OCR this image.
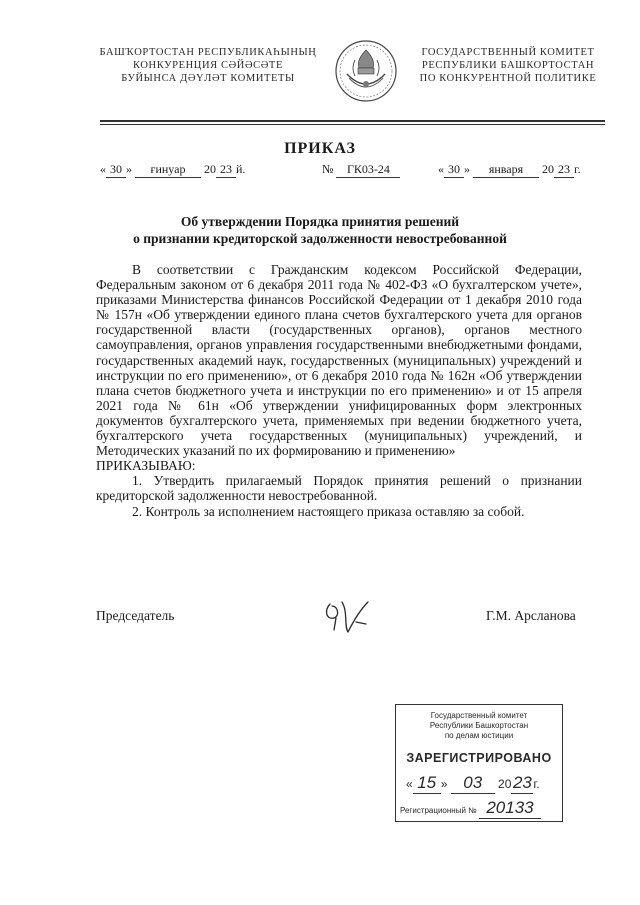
БАШҠОРТОСТАН РЕСПУБЛИКАҺЫНЫҢ
КОНКУРЕНЦИЯ СӘЙӘСӘТЕ
БУЙЫНСА ДӘҮЛӘТ КОМИТЕТЫ
ГОСУДАРСТВЕННЫЙ КОМИТЕТ
РЕСПУБЛИКИ БАШКОРТОСТАН
ПО КОНКУРЕНТНОЙ ПОЛИТИКЕ
ПРИКАЗ
« 30 » ғинуар 20 23 й.	№ ГК03-24	« 30 » января 20 23 г.
Об утверждении Порядка принятия решений
о признании кредиторской задолженности невостребованной

В соответствии с Гражданским кодексом Российской Федерации, Федеральным законом от 6 декабря 2011 года № 402-ФЗ «О бухгалтерском учете», приказами Министерства финансов Российской Федерации от 1 декабря 2010 года № 157н «Об утверждении единого плана счетов бухгалтерского учета для органов государственной власти (государственных органов), органов местного самоуправления, органов управления государственными внебюджетными фондами, государственных академий наук, государственных (муниципальных) учреждений и инструкции по его применению», от 6 декабря 2010 года № 162н «Об утверждении плана счетов бюджетного учета и инструкции по его применению» и от 15 апреля 2021 года № 61н «Об утверждении унифицированных форм электронных документов бухгалтерского учета, применяемых при ведении бюджетного учета, бухгалтерского учета государственных (муниципальных) учреждений, и Методических указаний по их формированию и применению»

ПРИКАЗЫВАЮ:

1. Утвердить прилагаемый Порядок принятия решений о признании кредиторской задолженности невостребованной.

2. Контроль за исполнением настоящего приказа оставляю за собой.

Председатель	Г.М. Арсланова
Государственный комитет
Республики Башкортостан
по делам юстиции
ЗАРЕГИСТРИРОВАНО
« 15 » 03 2023 г.
Регистрационный № 20133
